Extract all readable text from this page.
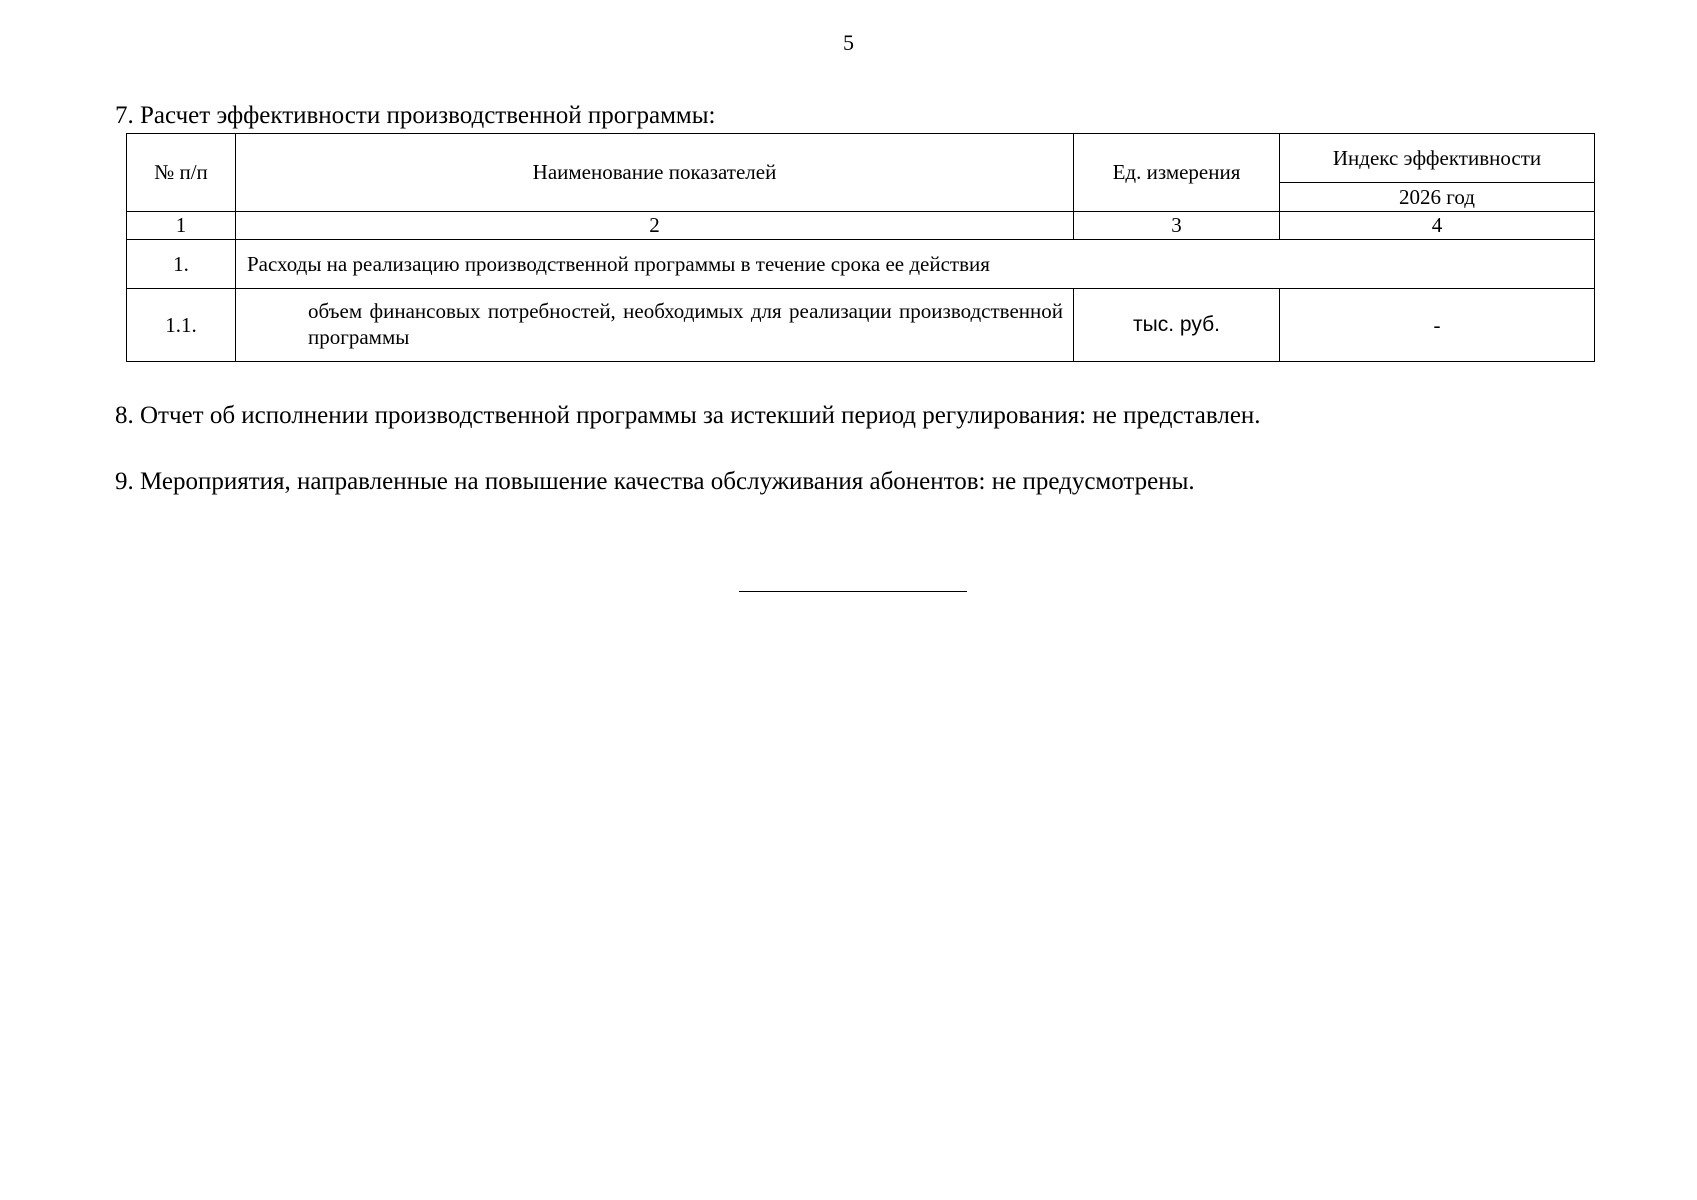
5
7. Расчет эффективности производственной программы:
№ п/п	Наименование показателей	Ед. измерения	Индекс эффективности
			2026 год
1	2	3	4
1.	Расходы на реализацию производственной программы в течение срока ее действия		
1.1.	объем финансовых потребностей, необходимых для реализации производственной программы	тыс. руб.	-
8. Отчет об исполнении производственной программы за истекший период регулирования: не представлен.
9. Мероприятия, направленные на повышение качества обслуживания абонентов: не предусмотрены.
